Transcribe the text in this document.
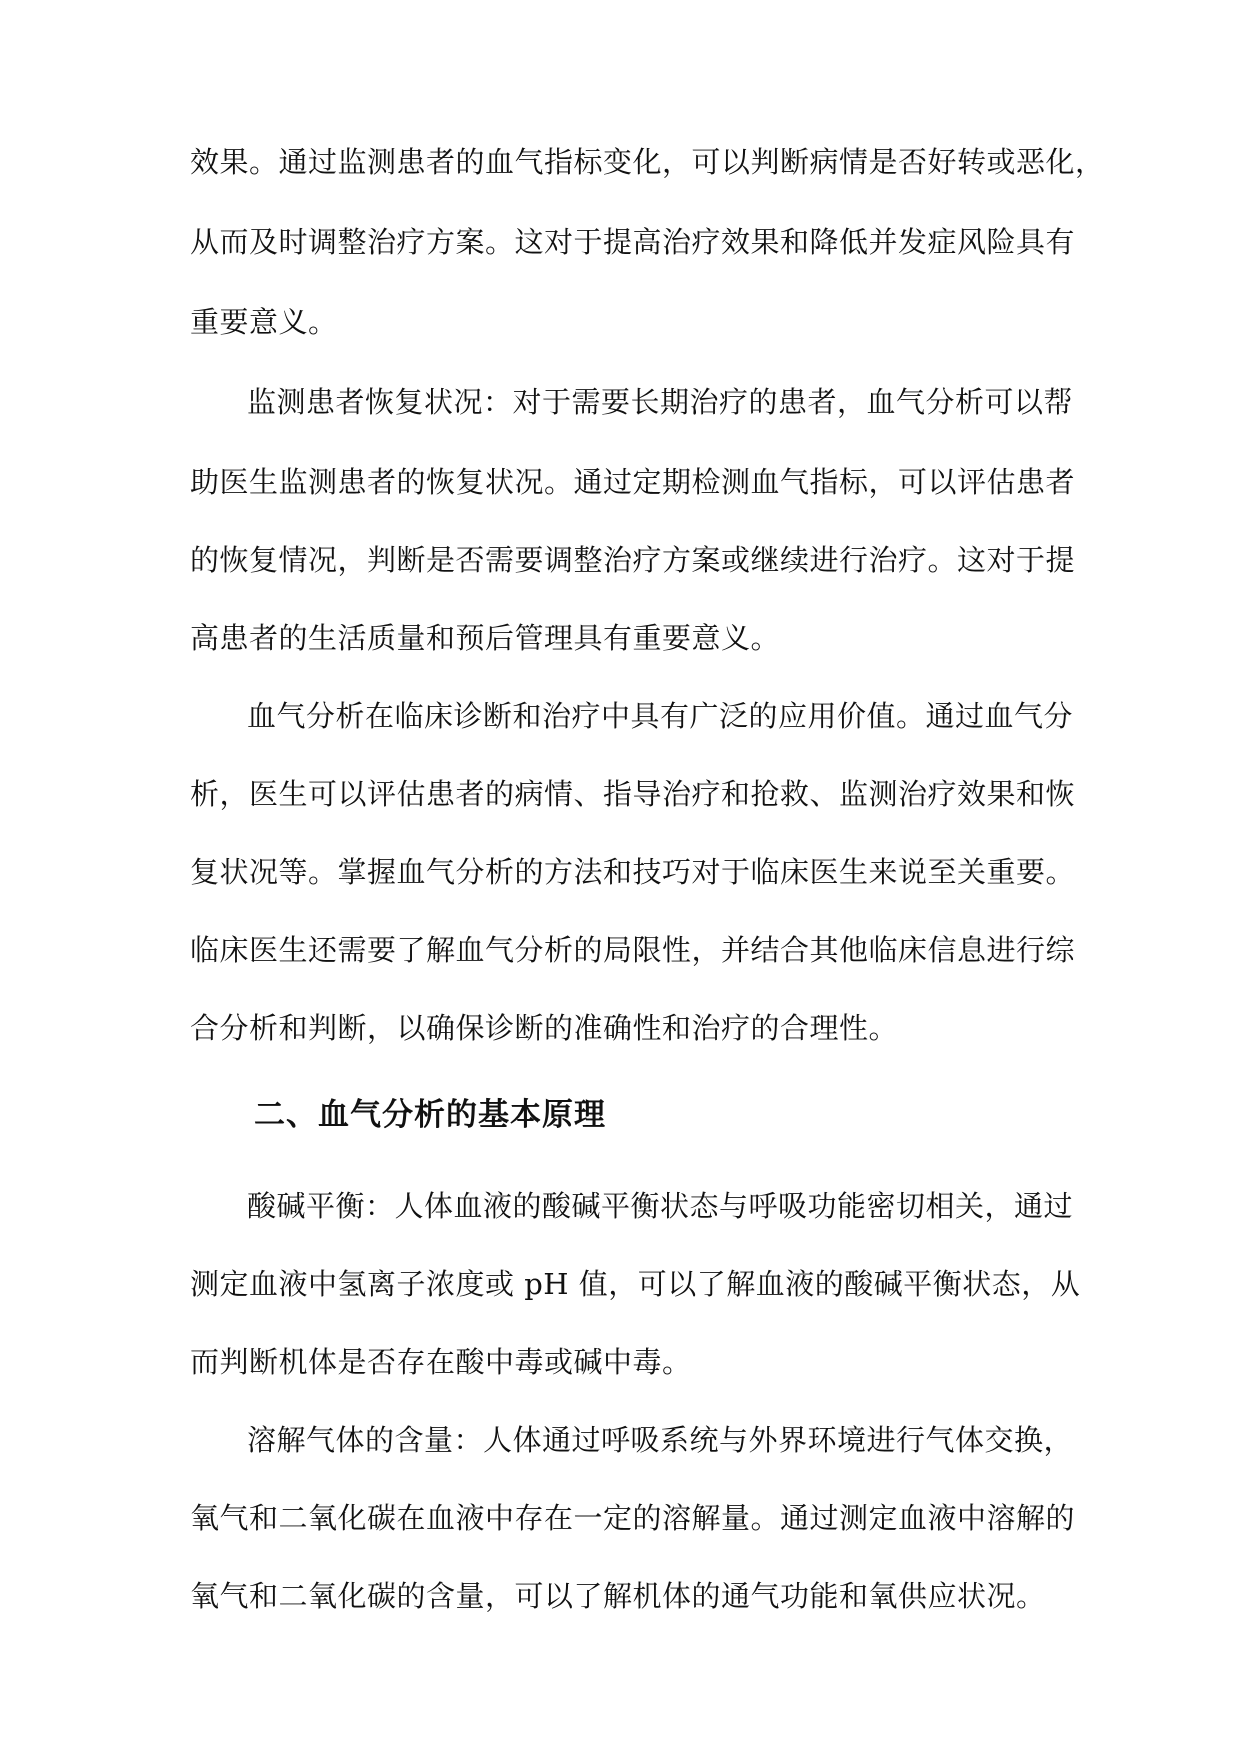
效果。通过监测患者的血气指标变化，可以判断病情是否好转或恶化，
从而及时调整治疗方案。这对于提高治疗效果和降低并发症风险具有
重要意义。
监测患者恢复状况：对于需要长期治疗的患者，血气分析可以帮
助医生监测患者的恢复状况。通过定期检测血气指标，可以评估患者
的恢复情况，判断是否需要调整治疗方案或继续进行治疗。这对于提
高患者的生活质量和预后管理具有重要意义。
血气分析在临床诊断和治疗中具有广泛的应用价值。通过血气分
析，医生可以评估患者的病情、指导治疗和抢救、监测治疗效果和恢
复状况等。掌握血气分析的方法和技巧对于临床医生来说至关重要。
临床医生还需要了解血气分析的局限性，并结合其他临床信息进行综
合分析和判断，以确保诊断的准确性和治疗的合理性。
二、血气分析的基本原理
酸碱平衡：人体血液的酸碱平衡状态与呼吸功能密切相关，通过
测定血液中氢离子浓度或 pH 值，可以了解血液的酸碱平衡状态，从
而判断机体是否存在酸中毒或碱中毒。
溶解气体的含量：人体通过呼吸系统与外界环境进行气体交换，
氧气和二氧化碳在血液中存在一定的溶解量。通过测定血液中溶解的
氧气和二氧化碳的含量，可以了解机体的通气功能和氧供应状况。
